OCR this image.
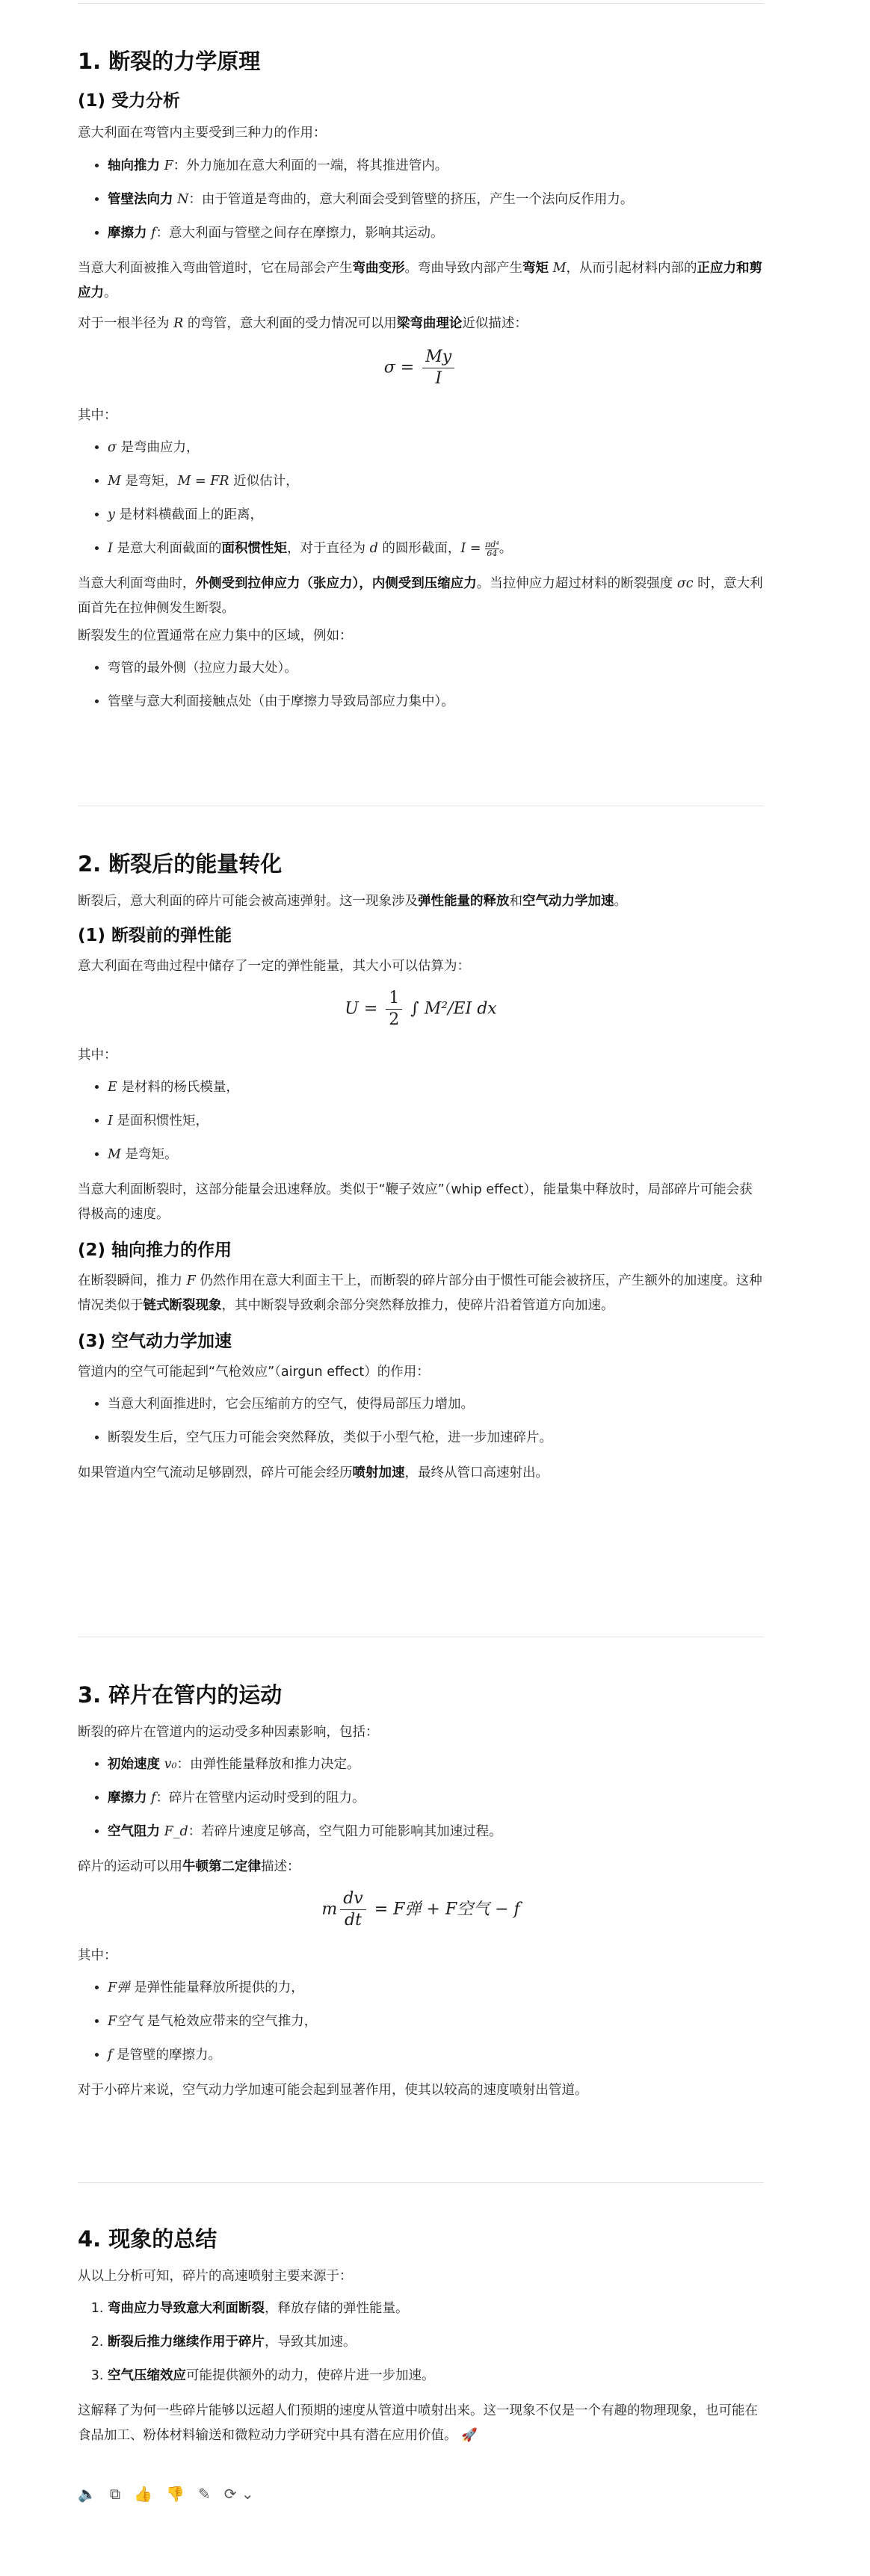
1. 断裂的力学原理
(1) 受力分析

意大利面在弯管内主要受到三种力的作用：

• 轴向推力 F：外力施加在意大利面的一端，将其推进管内。
• 管壁法向力 N：由于管道是弯曲的，意大利面会受到管壁的挤压，产生一个法向反作用力。
• 摩擦力 f：意大利面与管壁之间存在摩擦力，影响其运动。

当意大利面被推入弯曲管道时，它在局部会产生弯曲变形。弯曲导致内部产生弯矩 M，从而引起材料内部的正应力和剪应力。

对于一根半径为 R 的弯管，意大利面的受力情况可以用梁弯曲理论近似描述：

$\sigma = \frac{My}{I}$

其中：

• σ 是弯曲应力，
• M 是弯矩，M = FR 近似估计，
• y 是材料横截面上的距离，
• I 是意大利面截面的面积惯性矩，对于直径为 d 的圆形截面，$I = \frac{\text{πd⁴}}{64}$ 。

当意大利面弯曲时，外侧受到拉伸应力（张应力），内侧受到压缩应力。当拉伸应力超过材料的断裂强度 σc 时，意大利面首先在拉伸侧发生断裂。

断裂发生的位置通常在应力集中的区域，例如：

• 弯管的最外侧（拉应力最大处）。
• 管壁与意大利面接触点处（由于摩擦力导致局部应力集中）。
2. 断裂后的能量转化

断裂后，意大利面的碎片可能会被高速弹射。这一现象涉及弹性能量的释放和空气动力学加速。

(1) 断裂前的弹性能

意大利面在弯曲过程中储存了一定的弹性能量，其大小可以估算为：

$U = \frac{1}{2}$ ∫ M²/EI dx

其中：

• E 是材料的杨氏模量，
• I 是面积惯性矩，
• M 是弯矩。

当意大利面断裂时，这部分能量会迅速释放。类似于“鞭子效应”（whip effect），能量集中释放时，局部碎片可能会获得极高的速度。

(2) 轴向推力的作用

在断裂瞬间，推力 F 仍然作用在意大利面主干上，而断裂的碎片部分由于惯性可能会被挤压，产生额外的加速度。这种情况类似于链式断裂现象，其中断裂导致剩余部分突然释放推力，使碎片沿着管道方向加速。

(3) 空气动力学加速

管道内的空气可能起到“气枪效应”（airgun effect）的作用：

• 当意大利面推进时，它会压缩前方的空气，使得局部压力增加。
• 断裂发生后，空气压力可能会突然释放，类似于小型气枪，进一步加速碎片。

如果管道内空气流动足够剧烈，碎片可能会经历喷射加速，最终从管口高速射出。

3. 碎片在管内的运动

断裂的碎片在管道内的运动受多种因素影响，包括：

• 初始速度 v₀：由弹性能量释放和推力决定。
• 摩擦力 f：碎片在管壁内运动时受到的阻力。
• 空气阻力 F_d：若碎片速度足够高，空气阻力可能影响其加速过程。

碎片的运动可以用牛顿第二定律描述：

m $\frac{dv}{dt} = F$弹 + F空气 − f

其中：

• F弹 是弹性能量释放所提供的力，
• F空气 是气枪效应带来的空气推力，
• f 是管壁的摩擦力。

对于小碎片来说，空气动力学加速可能会起到显著作用，使其以较高的速度喷射出管道。

4. 现象的总结

从以上分析可知，碎片的高速喷射主要来源于：

1. 弯曲应力导致意大利面断裂，释放存储的弹性能量。
2. 断裂后推力继续作用于碎片，导致其加速。
3. 空气压缩效应可能提供额外的动力，使碎片进一步加速。

这解释了为何一些碎片能够以远超人们预期的速度从管道中喷射出来。这一现象不仅是一个有趣的物理现象，也可能在食品加工、粉体材料输送和微粒动力学研究中具有潜在应用价值。 🚀

🔈 ⧉ 👍 👎 ✎ ⟳ ⌄
